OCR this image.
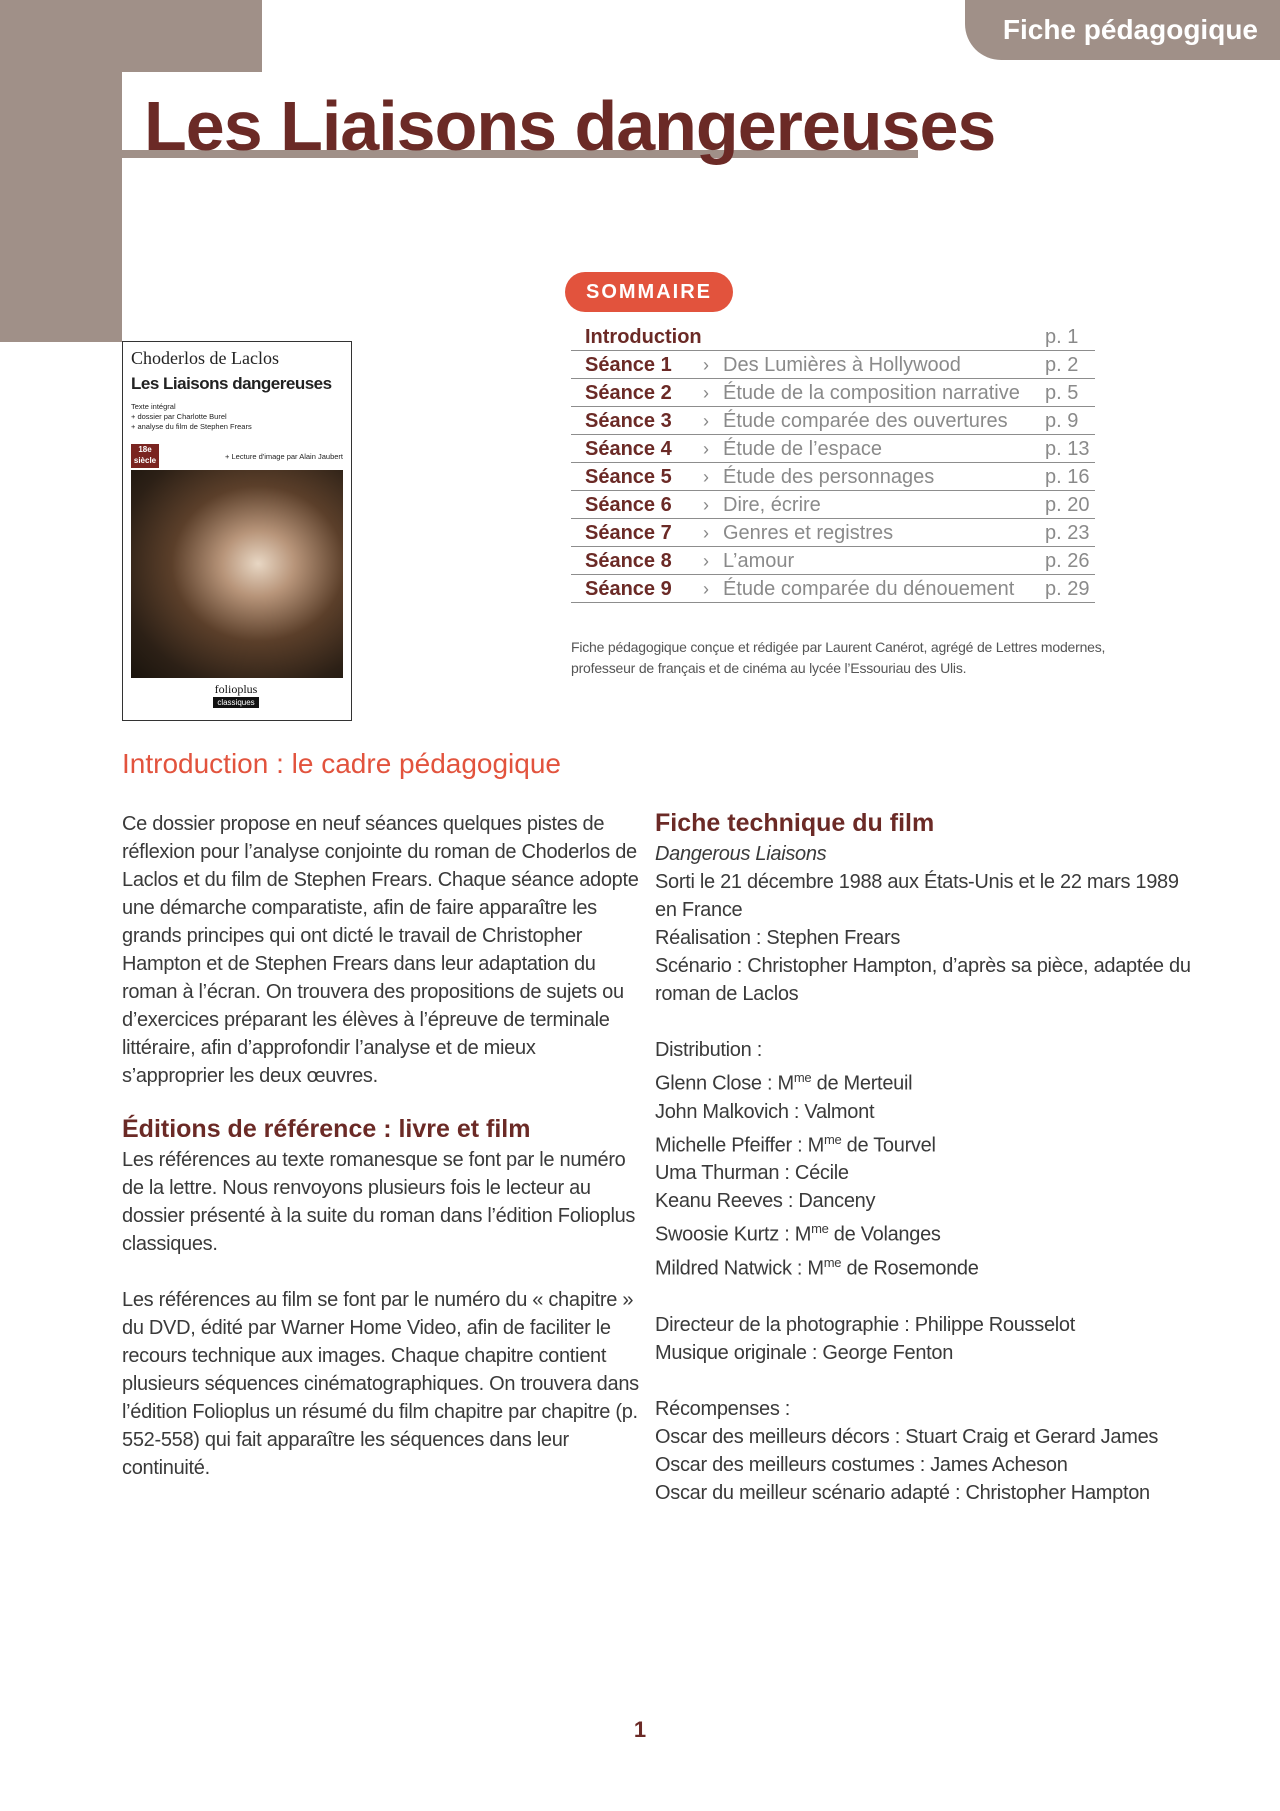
Fiche pédagogique
Les Liaisons dangereuses
Choderlos de Laclos
Les Liaisons dangereuses
Texte intégral
+ dossier par Charlotte Burel
+ analyse du film de Stephen Frears
18e
siècle	+ Lecture d'image par Alain Jaubert
folioplus
classiques
SOMMAIRE
Introduction	p. 1
Séance 1	› Des Lumières à Hollywood	p. 2
Séance 2	› Étude de la composition narrative	p. 5
Séance 3	› Étude comparée des ouvertures	p. 9
Séance 4	› Étude de l’espace	p. 13
Séance 5	› Étude des personnages	p. 16
Séance 6	› Dire, écrire	p. 20
Séance 7	› Genres et registres	p. 23
Séance 8	› L’amour	p. 26
Séance 9	› Étude comparée du dénouement	p. 29
Fiche pédagogique conçue et rédigée par Laurent Canérot, agrégé de Lettres modernes, professeur de français et de cinéma au lycée l’Essouriau des Ulis.
Introduction : le cadre pédagogique

Ce dossier propose en neuf séances quelques pistes de réflexion pour l’analyse conjointe du roman de Choderlos de Laclos et du film de Stephen Frears. Chaque séance adopte une démarche comparatiste, afin de faire apparaître les grands principes qui ont dicté le travail de Christopher Hampton et de Stephen Frears dans leur adaptation du roman à l’écran. On trouvera des propositions de sujets ou d’exercices préparant les élèves à l’épreuve de terminale littéraire, afin d’approfondir l’analyse et de mieux s’approprier les deux œuvres.

Éditions de référence : livre et film

Les références au texte romanesque se font par le numéro de la lettre. Nous renvoyons plusieurs fois le lecteur au dossier présenté à la suite du roman dans l’édition Folioplus classiques.

Les références au film se font par le numéro du « chapitre » du DVD, édité par Warner Home Video, afin de faciliter le recours technique aux images. Chaque chapitre contient plusieurs séquences cinématographiques. On trouvera dans l’édition Folioplus un résumé du film chapitre par chapitre (p. 552-558) qui fait apparaître les séquences dans leur continuité.

Fiche technique du film

Dangerous Liaisons

Sorti le 21 décembre 1988 aux États-Unis et le 22 mars 1989 en France

Réalisation : Stephen Frears

Scénario : Christopher Hampton, d’après sa pièce, adaptée du roman de Laclos

Distribution :

Glenn Close : $M^{me}$ de Merteuil

John Malkovich : Valmont

Michelle Pfeiffer : $M^{me}$ de Tourvel

Uma Thurman : Cécile

Keanu Reeves : Danceny

Swoosie Kurtz : $M^{me}$ de Volanges

Mildred Natwick : $M^{me}$ de Rosemonde

Directeur de la photographie : Philippe Rousselot

Musique originale : George Fenton

Récompenses :

Oscar des meilleurs décors : Stuart Craig et Gerard James

Oscar des meilleurs costumes : James Acheson

Oscar du meilleur scénario adapté : Christopher Hampton

1
